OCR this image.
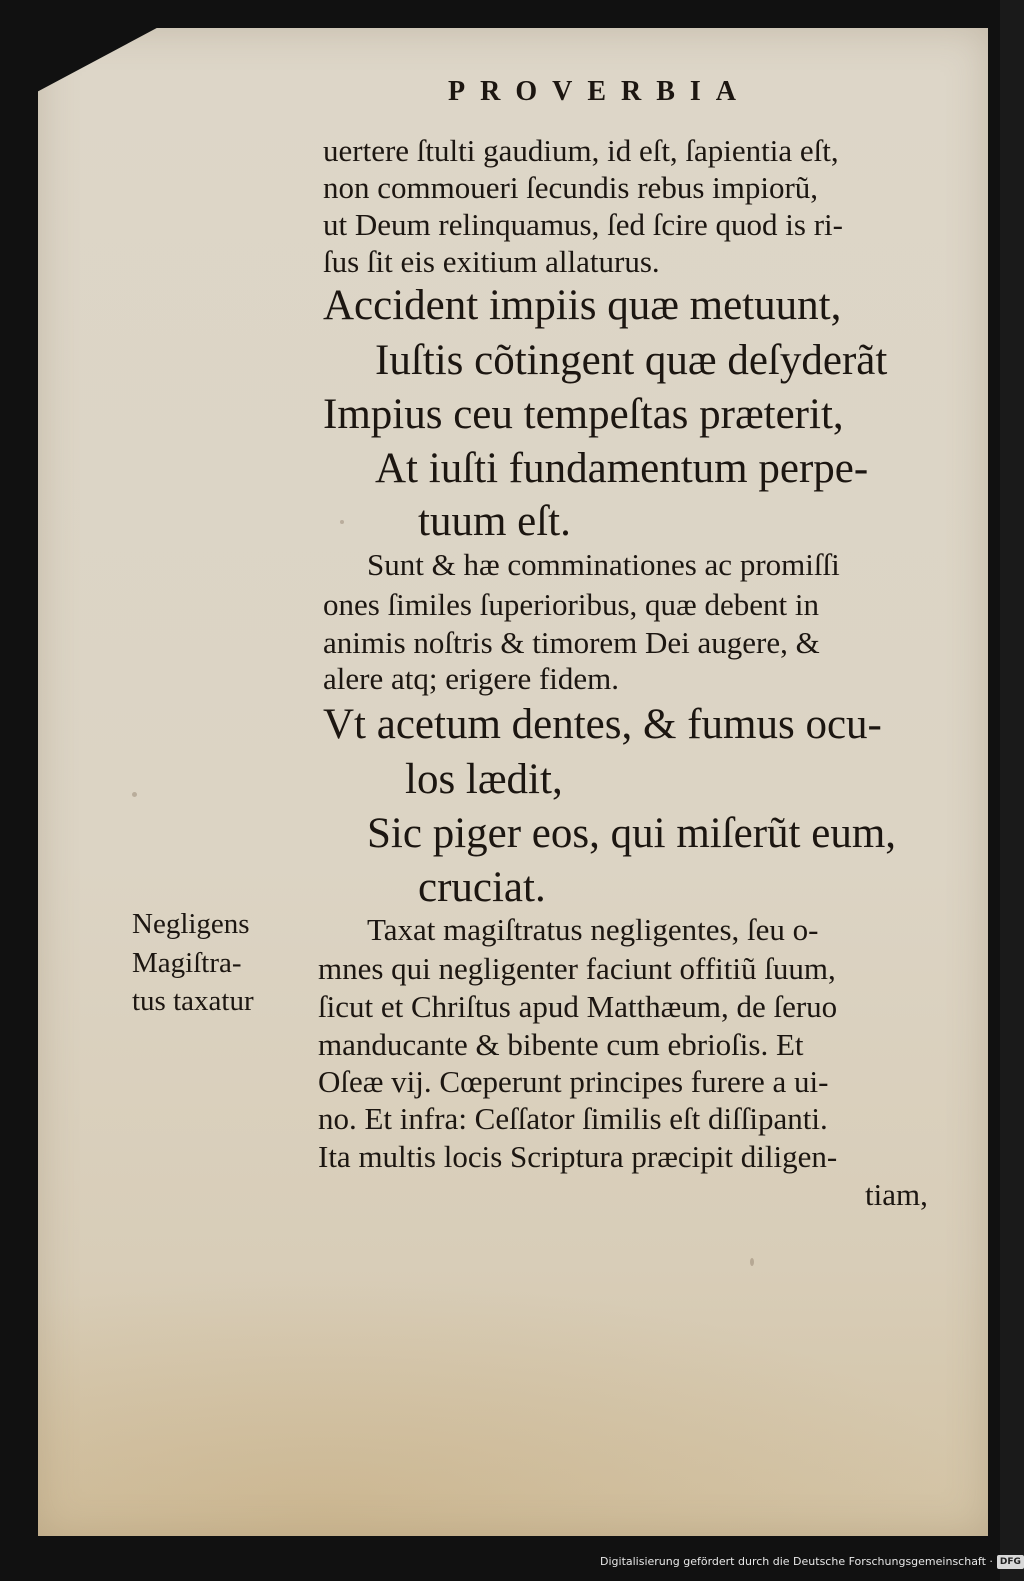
PROVERBIA
uertere ſtulti gaudium, id eſt, ſapientia eſt,
non commoueri ſecundis rebus impiorũ,
ut Deum relinquamus, ſed ſcire quod is ri-
ſus ſit eis exitium allaturus.
Accident impiis quæ metuunt,
Iuſtis cõtingent quæ deſyderãt
Impius ceu tempeſtas præterit,
At iuſti fundamentum perpe-
tuum eſt.
Sunt & hæ comminationes ac promiſſi
ones ſimiles ſuperioribus, quæ debent in
animis noſtris & timorem Dei augere, &
alere atq; erigere fidem.
Vt acetum dentes, & fumus ocu-
los lædit,
Sic piger eos, qui miſerũt eum,
cruciat.
Negligens
Magiſtra-
tus taxatur
Taxat magiſtratus negligentes, ſeu o-
mnes qui negligenter faciunt offitiũ ſuum,
ſicut et Chriſtus apud Matthæum, de ſeruo
manducante & bibente cum ebrioſis. Et
Oſeæ vij. Cœperunt principes furere a ui-
no. Et infra: Ceſſator ſimilis eſt diſſipanti.
Ita multis locis Scriptura præcipit diligen-
tiam,
Digitalisierung gefördert durch die Deutsche Forschungsgemeinschaft · DFG
